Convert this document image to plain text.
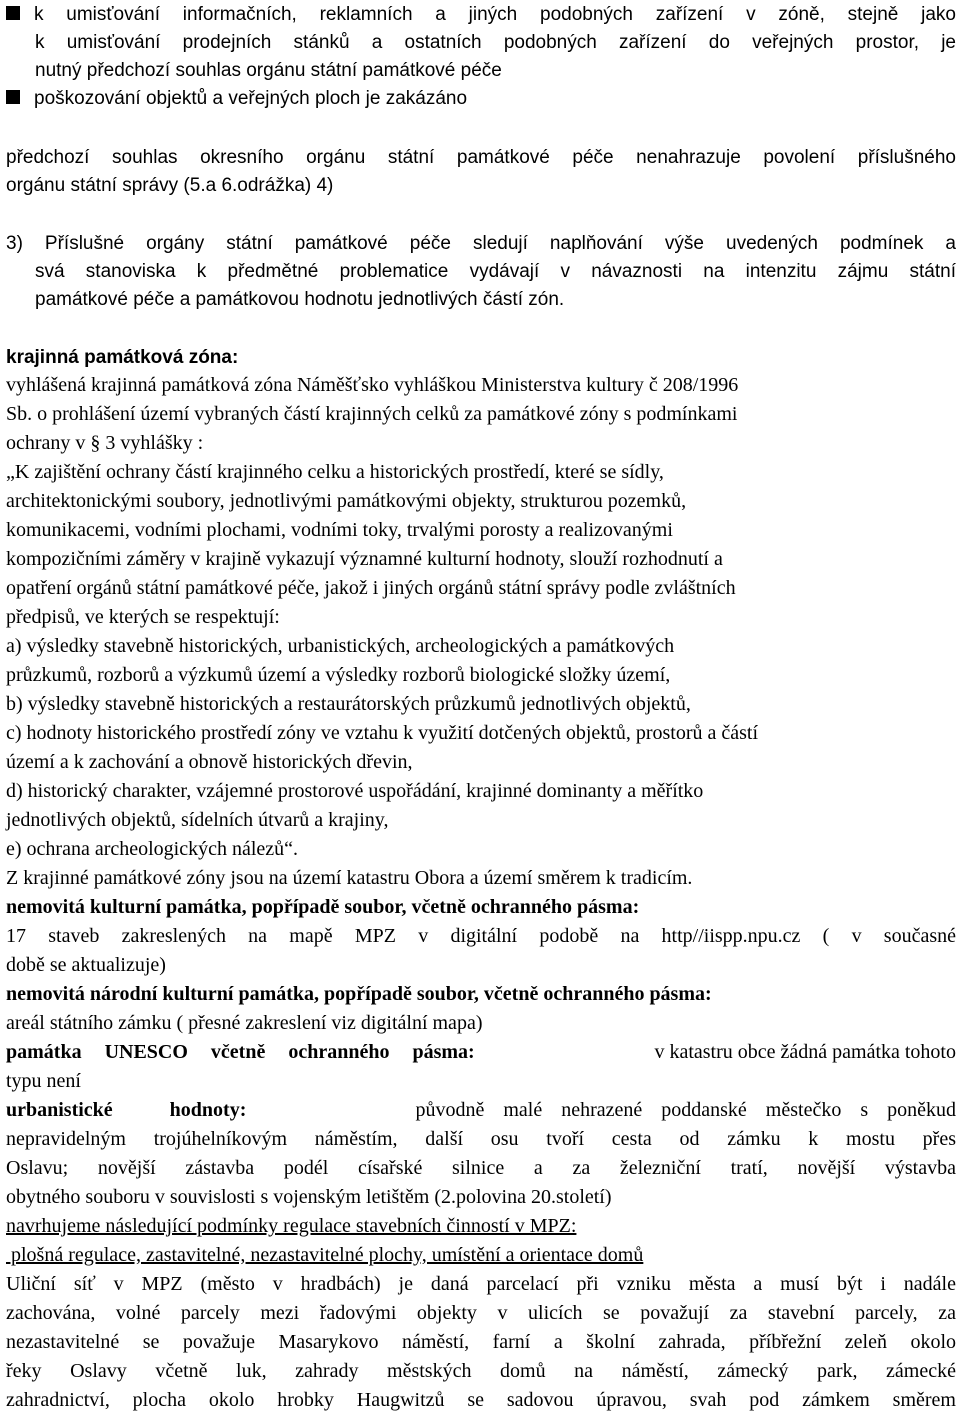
k umisťování informačních, reklamních a jiných podobných zařízení v zóně, stejně jako
k umisťování prodejních stánků a ostatních podobných zařízení do veřejných prostor, je
nutný předchozí souhlas orgánu státní památkové péče
poškozování objektů a veřejných ploch je zakázáno
předchozí souhlas okresního orgánu státní památkové péče nenahrazuje povolení příslušného
orgánu státní správy (5.a 6.odrážka) 4)
3) Příslušné orgány státní památkové péče sledují naplňování výše uvedených podmínek a
svá stanoviska k předmětné problematice vydávají v návaznosti na intenzitu zájmu státní
památkové péče a památkovou hodnotu jednotlivých částí zón.
krajinná památková zóna:
vyhlášená krajinná památková zóna Náměšťsko vyhláškou Ministerstva kultury č 208/1996
Sb. o prohlášení území vybraných částí krajinných celků za památkové zóny s podmínkami
ochrany v § 3 vyhlášky :
„K zajištění ochrany částí krajinného celku a historických prostředí, které se sídly,
architektonickými soubory, jednotlivými památkovými objekty, strukturou pozemků,
komunikacemi, vodními plochami, vodními toky, trvalými porosty a realizovanými
kompozičními záměry v krajině vykazují významné kulturní hodnoty, slouží rozhodnutí a
opatření orgánů státní památkové péče, jakož i jiných orgánů státní správy podle zvláštních
předpisů, ve kterých se respektují:
a) výsledky stavebně historických, urbanistických, archeologických a památkových
průzkumů, rozborů a výzkumů území a výsledky rozborů biologické složky území,
b) výsledky stavebně historických a restaurátorských průzkumů jednotlivých objektů,
c) hodnoty historického prostředí zóny ve vztahu k využití dotčených objektů, prostorů a částí
území a k zachování a obnově historických dřevin,
d) historický charakter, vzájemné prostorové uspořádání, krajinné dominanty a měřítko
jednotlivých objektů, sídelních útvarů a krajiny,
e) ochrana archeologických nálezů“.
Z krajinné památkové zóny jsou na území katastru Obora a území směrem k tradicím.
nemovitá kulturní památka, popřípadě soubor, včetně ochranného pásma:
17 staveb zakreslených na mapě MPZ v digitální podobě na http//iispp.npu.cz ( v současné
době se aktualizuje)
nemovitá národní kulturní památka, popřípadě soubor, včetně ochranného pásma:
areál státního zámku ( přesné zakreslení viz digitální mapa)
památka UNESCO včetně ochranného pásma:	v katastru obce žádná památka tohoto
typu není
urbanistické hodnoty:	původně malé nehrazené poddanské městečko s poněkud
nepravidelným trojúhelníkovým náměstím, další osu tvoří cesta od zámku k mostu přes
Oslavu; novější zástavba podél císařské silnice a za železniční tratí, novější výstavba
obytného souboru v souvislosti s vojenským letištěm (2.polovina 20.století)
navrhujeme následující podmínky regulace stavebních činností v MPZ:
plošná regulace, zastavitelné, nezastavitelné plochy, umístění a orientace domů
Uliční síť v MPZ (město v hradbách) je daná parcelací při vzniku města a musí být i nadále
zachována, volné parcely mezi řadovými objekty v ulicích se považují za stavební parcely, za
nezastavitelné se považuje Masarykovo náměstí, farní a školní zahrada, příbřežní zeleň okolo
řeky Oslavy včetně luk, zahrady městských domů na náměstí, zámecký park, zámecké
zahradnictví, plocha okolo hrobky Haugwitzů se sadovou úpravou, svah pod zámkem směrem
